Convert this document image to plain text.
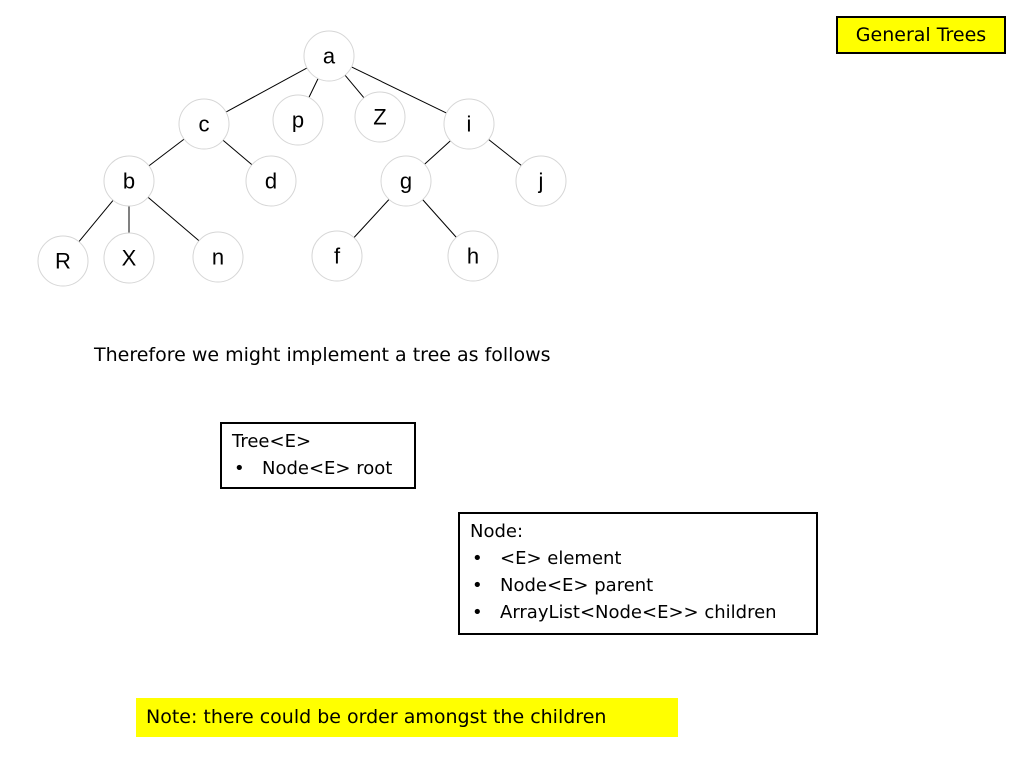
General Trees
a
c	p	Z	i
b	d	g	j
R X	n	f	h
Therefore we might implement a tree as follows
Tree<E>
• Node<E> root
Node:
• <E> element
• Node<E> parent
• ArrayList<Node<E>> children
Note: there could be order amongst the children
